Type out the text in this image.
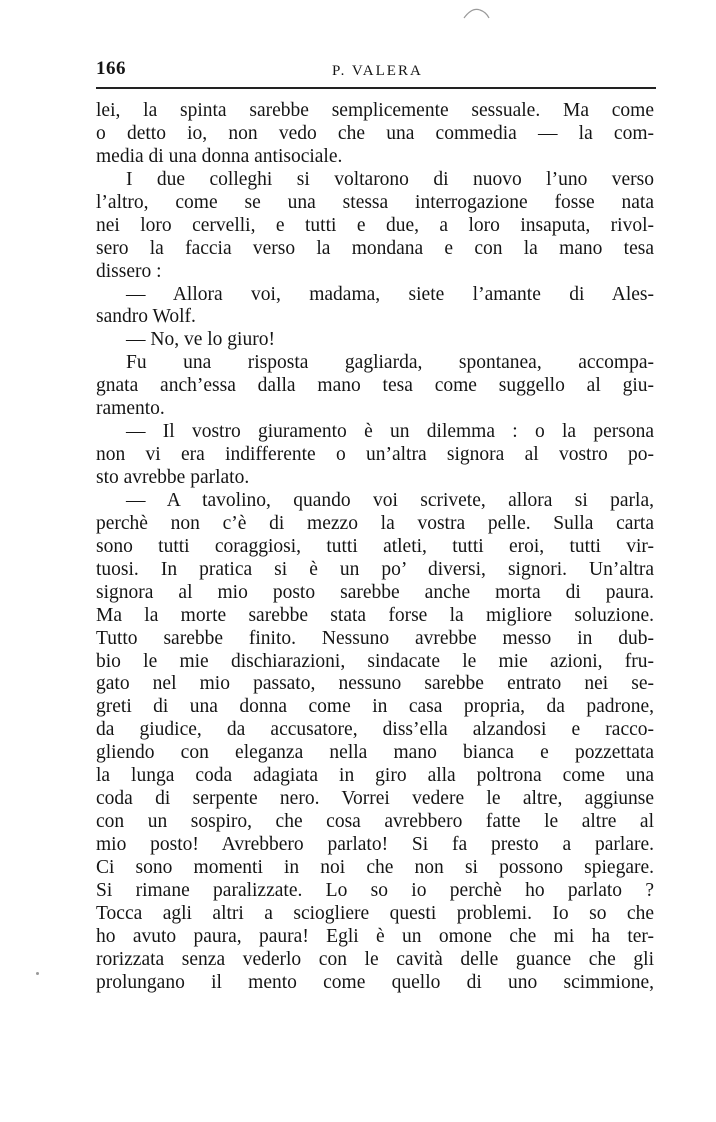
166	P. VALERA
lei, la spinta sarebbe semplicemente sessuale. Ma come
o detto io, non vedo che una commedia — la com-
media di una donna antisociale.
I due colleghi si voltarono di nuovo l’uno verso
l’altro, come se una stessa interrogazione fosse nata
nei loro cervelli, e tutti e due, a loro insaputa, rivol-
sero la faccia verso la mondana e con la mano tesa
dissero :
— Allora voi, madama, siete l’amante di Ales-
sandro Wolf.
— No, ve lo giuro!
Fu una risposta gagliarda, spontanea, accompa-
gnata anch’essa dalla mano tesa come suggello al giu-
ramento.
— Il vostro giuramento è un dilemma : o la persona
non vi era indifferente o un’altra signora al vostro po-
sto avrebbe parlato.
— A tavolino, quando voi scrivete, allora si parla,
perchè non c’è di mezzo la vostra pelle. Sulla carta
sono tutti coraggiosi, tutti atleti, tutti eroi, tutti vir-
tuosi. In pratica si è un po’ diversi, signori. Un’altra
signora al mio posto sarebbe anche morta di paura.
Ma la morte sarebbe stata forse la migliore soluzione.
Tutto sarebbe finito. Nessuno avrebbe messo in dub-
bio le mie dischiarazioni, sindacate le mie azioni, fru-
gato nel mio passato, nessuno sarebbe entrato nei se-
greti di una donna come in casa propria, da padrone,
da giudice, da accusatore, diss’ella alzandosi e racco-
gliendo con eleganza nella mano bianca e pozzettata
la lunga coda adagiata in giro alla poltrona come una
coda di serpente nero. Vorrei vedere le altre, aggiunse
con un sospiro, che cosa avrebbero fatte le altre al
mio posto! Avrebbero parlato! Si fa presto a parlare.
Ci sono momenti in noi che non si possono spiegare.
Si rimane paralizzate. Lo so io perchè ho parlato ?
Tocca agli altri a sciogliere questi problemi. Io so che
ho avuto paura, paura! Egli è un omone che mi ha ter-
rorizzata senza vederlo con le cavità delle guance che gli
prolungano il mento come quello di uno scimmione,
